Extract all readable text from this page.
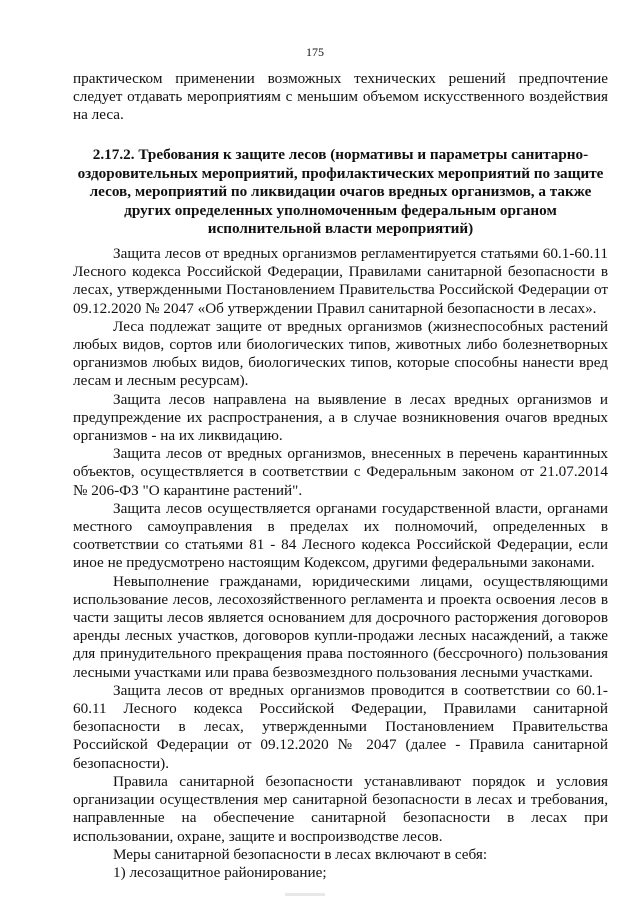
175

практическом применении возможных технических решений предпочтение следует отдавать мероприятиям с меньшим объемом искусственного воздействия на леса.

2.17.2. Требования к защите лесов (нормативы и параметры санитарно-оздоровительных мероприятий, профилактических мероприятий по защите лесов, мероприятий по ликвидации очагов вредных организмов, а также других определенных уполномоченным федеральным органом исполнительной власти мероприятий)

Защита лесов от вредных организмов регламентируется статьями 60.1-60.11 Лесного кодекса Российской Федерации, Правилами санитарной безопасности в лесах, утвержденными Постановлением Правительства Российской Федерации от 09.12.2020 № 2047 «Об утверждении Правил санитарной безопасности в лесах».

Леса подлежат защите от вредных организмов (жизнеспособных растений любых видов, сортов или биологических типов, животных либо болезнетворных организмов любых видов, биологических типов, которые способны нанести вред лесам и лесным ресурсам).

Защита лесов направлена на выявление в лесах вредных организмов и предупреждение их распространения, а в случае возникновения очагов вредных организмов - на их ликвидацию.

Защита лесов от вредных организмов, внесенных в перечень карантинных объектов, осуществляется в соответствии с Федеральным законом от 21.07.2014 № 206-ФЗ "О карантине растений".

Защита лесов осуществляется органами государственной власти, органами местного самоуправления в пределах их полномочий, определенных в соответствии со статьями 81 - 84 Лесного кодекса Российской Федерации, если иное не предусмотрено настоящим Кодексом, другими федеральными законами.

Невыполнение гражданами, юридическими лицами, осуществляющими использование лесов, лесохозяйственного регламента и проекта освоения лесов в части защиты лесов является основанием для досрочного расторжения договоров аренды лесных участков, договоров купли-продажи лесных насаждений, а также для принудительного прекращения права постоянного (бессрочного) пользования лесными участками или права безвозмездного пользования лесными участками.

Защита лесов от вредных организмов проводится в соответствии со 60.1-60.11 Лесного кодекса Российской Федерации, Правилами санитарной безопасности в лесах, утвержденными Постановлением Правительства Российской Федерации от 09.12.2020 № 2047 (далее - Правила санитарной безопасности).

Правила санитарной безопасности устанавливают порядок и условия организации осуществления мер санитарной безопасности в лесах и требования, направленные на обеспечение санитарной безопасности в лесах при использовании, охране, защите и воспроизводстве лесов.

Меры санитарной безопасности в лесах включают в себя:

1) лесозащитное районирование;
